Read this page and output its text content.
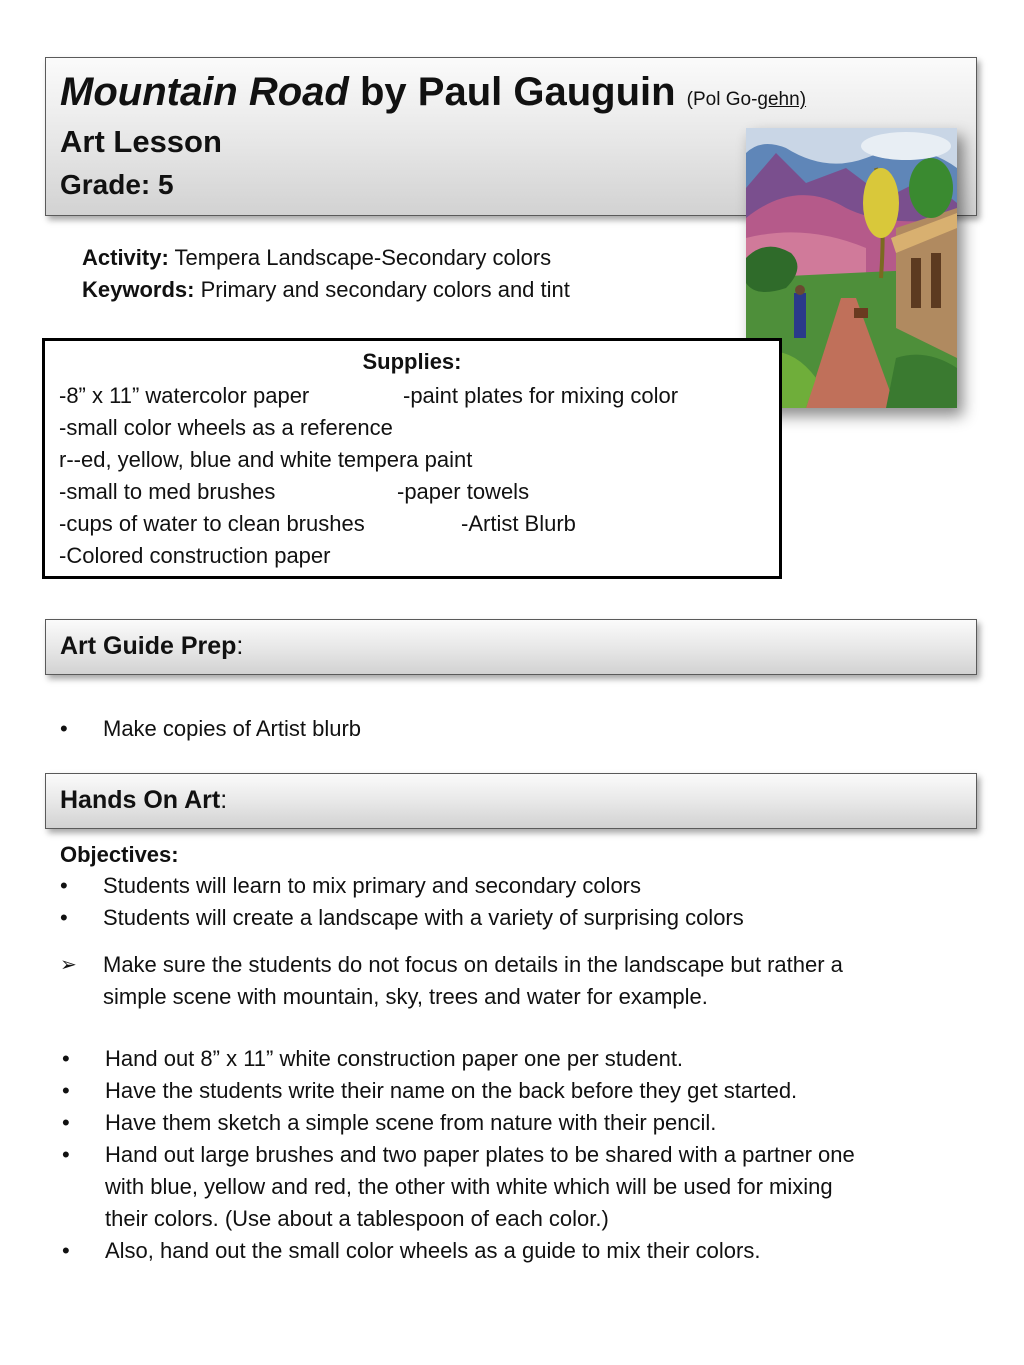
Mountain Road by Paul Gauguin (Pol Go-gehn)
Art Lesson
Grade: 5
Activity: Tempera Landscape-Secondary colors
Keywords: Primary and secondary colors and tint
Supplies:
-8” x 11” watercolor paper	-paint plates for mixing color
-small color wheels as a reference
r--ed, yellow, blue and white tempera paint
-small to med brushes	-paper towels
-cups of water to clean brushes	-Artist Blurb
-Colored construction paper
Art Guide Prep:
• Make copies of Artist blurb
Hands On Art:
Objectives:
• Students will learn to mix primary and secondary colors
• Students will create a landscape with a variety of surprising colors
➢ Make sure the students do not focus on details in the landscape but rather a
simple scene with mountain, sky, trees and water for example.
• Hand out 8” x 11” white construction paper one per student.
• Have the students write their name on the back before they get started.
• Have them sketch a simple scene from nature with their pencil.
• Hand out large brushes and two paper plates to be shared with a partner one
with blue, yellow and red, the other with white which will be used for mixing
their colors. (Use about a tablespoon of each color.)
• Also, hand out the small color wheels as a guide to mix their colors.
